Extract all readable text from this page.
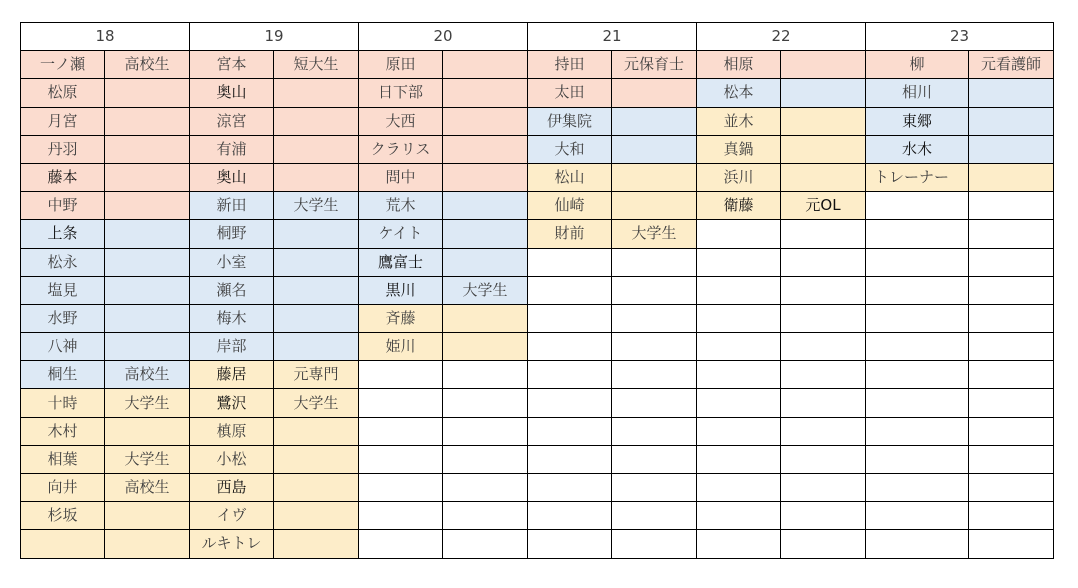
18		19		20		21		22		23	
一ノ瀬	高校生	宮本	短大生	原田		持田	元保育士	相原		柳	元看護師
松原		奥山		日下部		太田		松本		相川	
月宮		涼宮		大西		伊集院		並木		東郷	
丹羽		有浦		クラリス		大和		真鍋		水木	
藤本		奥山		問中		松山		浜川		トレーナー	
中野		新田	大学生	荒木		仙崎		衛藤	元OL		
上条		桐野		ケイト		財前	大学生				
松永		小室		鷹富士							
塩見		瀬名		黒川	大学生						
水野		梅木		斉藤							
八神		岸部		姫川							
桐生	高校生	藤居	元専門								
十時	大学生	鷺沢	大学生								
木村		槙原									
相葉	大学生	小松									
向井	高校生	西島									
杉坂		イヴ									
		ルキトレ									
